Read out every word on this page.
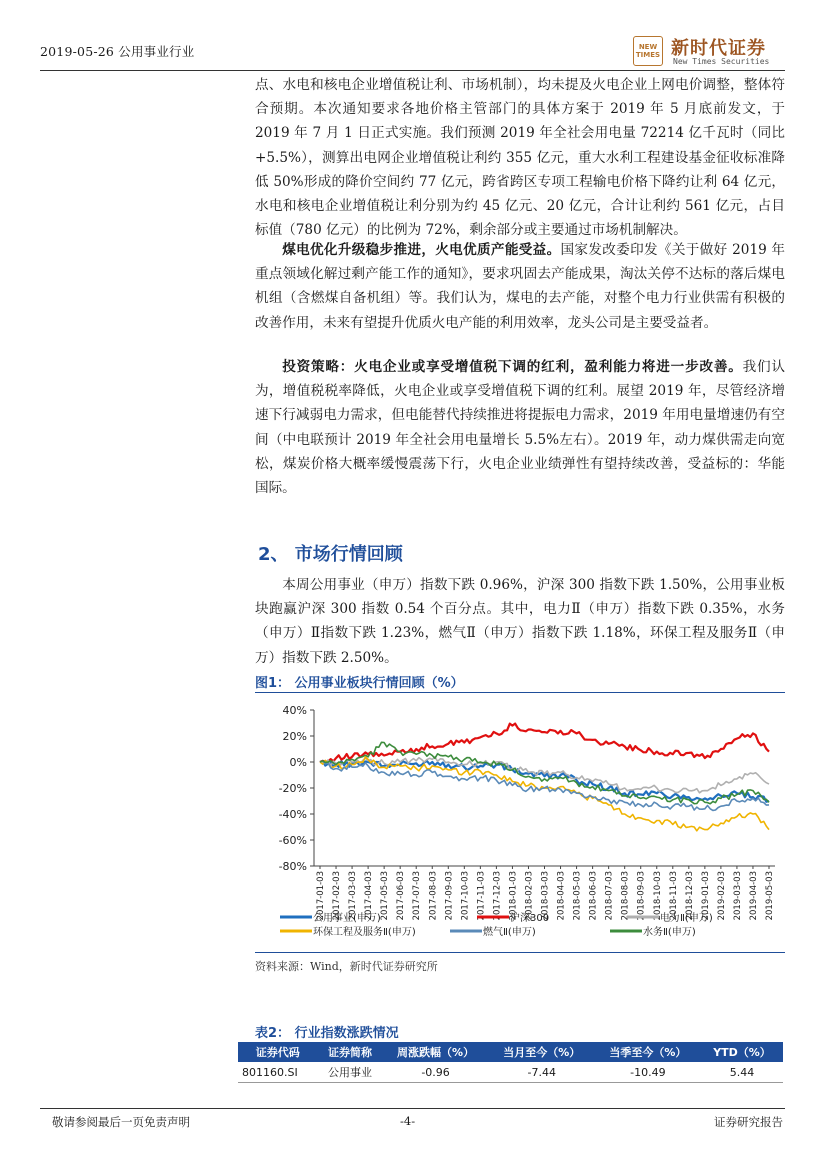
2019-05-26 公用事业行业	NEW TIMES 新时代证券
New Times Securities

点、水电和核电企业增值税让利、市场机制），均未提及火电企业上网电价调整，整体符合预期。本次通知要求各地价格主管部门的具体方案于 2019 年 5 月底前发文，于 2019 年 7 月 1 日正式实施。我们预测 2019 年全社会用电量 72214 亿千瓦时（同比+5.5%），测算出电网企业增值税让利约 355 亿元，重大水利工程建设基金征收标准降低 50%形成的降价空间约 77 亿元，跨省跨区专项工程输电价格下降约让利 64 亿元，水电和核电企业增值税让利分别为约 45 亿元、20 亿元，合计让利约 561 亿元，占目标值（780 亿元）的比例为 72%，剩余部分或主要通过市场机制解决。

煤电优化升级稳步推进，火电优质产能受益。国家发改委印发《关于做好 2019 年重点领域化解过剩产能工作的通知》，要求巩固去产能成果，淘汰关停不达标的落后煤电机组（含燃煤自备机组）等。我们认为，煤电的去产能，对整个电力行业供需有积极的改善作用，未来有望提升优质火电产能的利用效率，龙头公司是主要受益者。

投资策略：火电企业或享受增值税下调的红利，盈利能力将进一步改善。我们认为，增值税税率降低，火电企业或享受增值税下调的红利。展望 2019 年，尽管经济增速下行减弱电力需求，但电能替代持续推进将提振电力需求，2019 年用电量增速仍有空间（中电联预计 2019 年全社会用电量增长 5.5%左右）。2019 年，动力煤供需走向宽松，煤炭价格大概率缓慢震荡下行，火电企业业绩弹性有望持续改善，受益标的：华能国际。

2、 市场行情回顾

本周公用事业（申万）指数下跌 0.96%，沪深 300 指数下跌 1.50%，公用事业板块跑赢沪深 300 指数 0.54 个百分点。其中，电力Ⅱ（申万）指数下跌 0.35%，水务（申万）Ⅱ指数下跌 1.23%，燃气Ⅱ（申万）指数下跌 1.18%，环保工程及服务Ⅱ（申万）指数下跌 2.50%。

图1： 公用事业板块行情回顾（%）
40%
20%
0%
-20%
-40%
-60%
-80%
2017-01-03 2017-02-03 2017-03-03 2017-04-03 2017-05-03 2017-06-03 2017-07-03 2017-08-03 2017-09-03 2017-10-03 2017-11-03 2017-12-03 2018-01-03 2018-02-03 2018-03-03 2018-04-03 2018-05-03 2018-06-03 2018-07-03 2018-08-03 2018-09-03 2018-10-03 2018-11-03 2018-12-03 2019-01-03 2019-02-03 2019-03-03 2019-04-03 2019-05-03
公用事业(申万)	沪深300	电力Ⅱ(申万)
环保工程及服务Ⅱ(申万)	燃气Ⅱ(申万)	水务Ⅱ(申万)
资料来源：Wind，新时代证券研究所
表2： 行业指数涨跌情况
证券代码	证券简称	周涨跌幅（%）	当月至今（%）	当季至今（%）	YTD（%）
801160.SI	公用事业	-0.96	-7.44	-10.49	5.44
敬请参阅最后一页免责声明	-4-	证券研究报告
